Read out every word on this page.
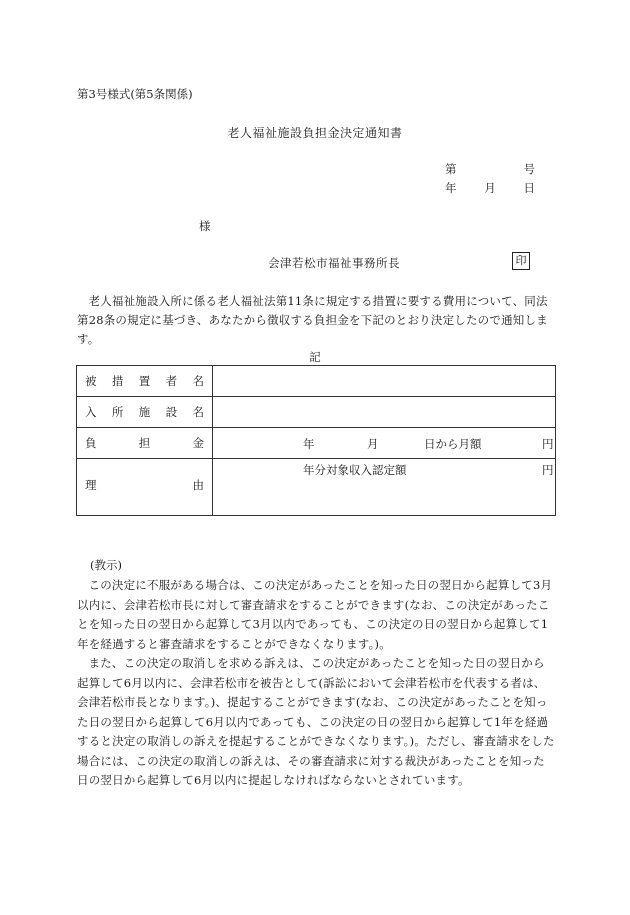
第3号様式(第5条関係)
老人福祉施設負担金決定通知書
第	号
年 月 日
様
会津若松市福祉事務所長	印
老人福祉施設入所に係る老人福祉法第11条に規定する措置に要する費用について、同法第28条の規定に基づき、あなたから徴収する負担金を下記のとおり決定したので通知します。
記
被 措 置 者 名	

入 所 施 設 名	

負 担 金	年 月 日から月額 円

理 由	年分対象収入認定額 円
(教示)
この決定に不服がある場合は、この決定があったことを知った日の翌日から起算して3月以内に、会津若松市長に対して審査請求をすることができます(なお、この決定があったことを知った日の翌日から起算して3月以内であっても、この決定の日の翌日から起算して1年を経過すると審査請求をすることができなくなります。)。
また、この決定の取消しを求める訴えは、この決定があったことを知った日の翌日から起算して6月以内に、会津若松市を被告として(訴訟において会津若松市を代表する者は、会津若松市長となります。)、提起することができます(なお、この決定があったことを知った日の翌日から起算して6月以内であっても、この決定の日の翌日から起算して1年を経過すると決定の取消しの訴えを提起することができなくなります。)。ただし、審査請求をした場合には、この決定の取消しの訴えは、その審査請求に対する裁決があったことを知った日の翌日から起算して6月以内に提起しなければならないとされています。
